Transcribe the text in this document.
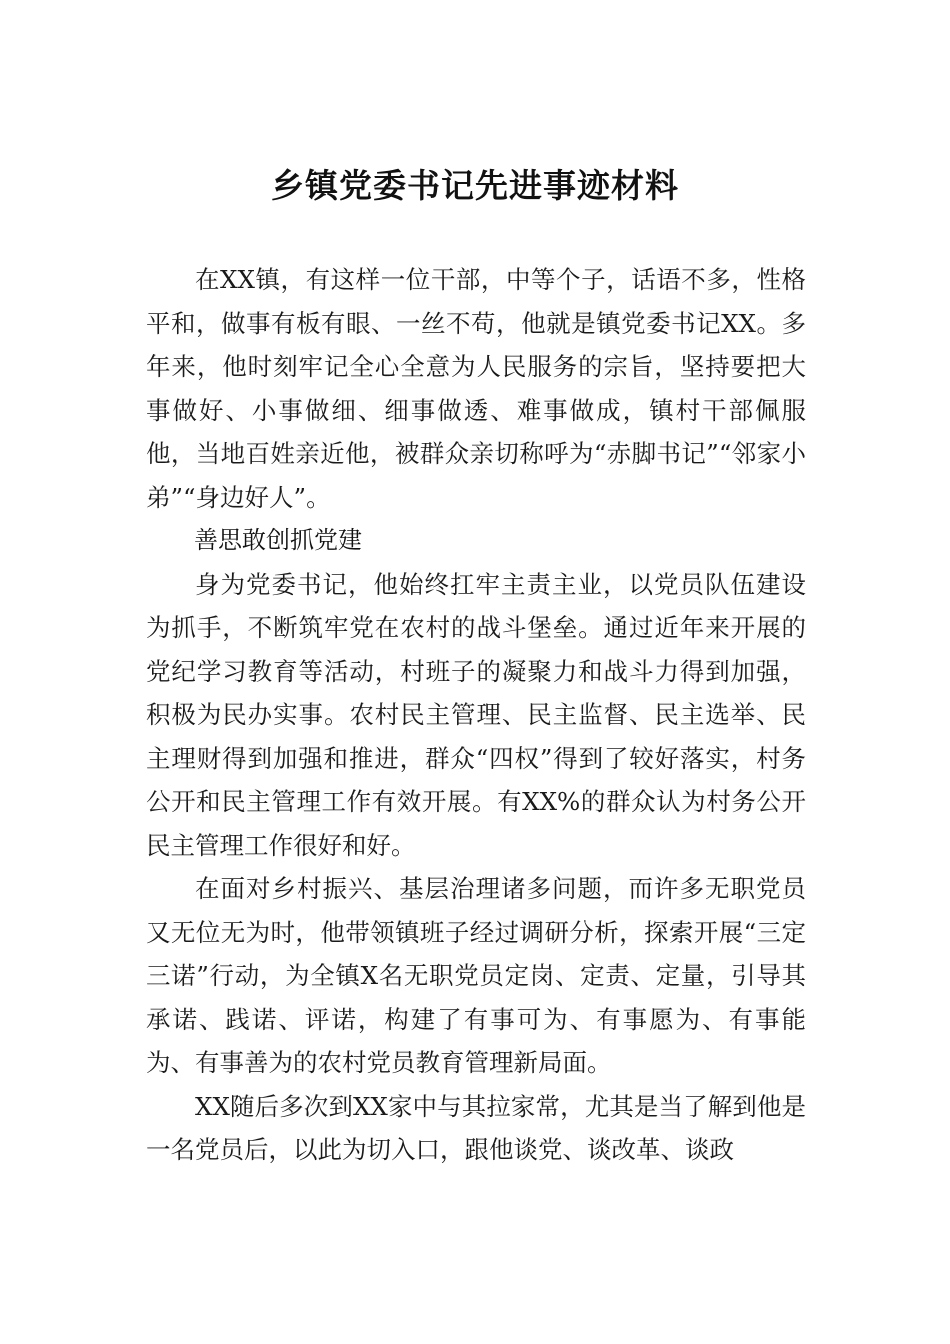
乡镇党委书记先进事迹材料

在XX镇，有这样一位干部，中等个子，话语不多，性格平和，做事有板有眼、一丝不苟，他就是镇党委书记XX。多年来，他时刻牢记全心全意为人民服务的宗旨，坚持要把大事做好、小事做细、细事做透、难事做成，镇村干部佩服他，当地百姓亲近他，被群众亲切称呼为“赤脚书记”“邻家小弟”“身边好人”。

善思敢创抓党建

身为党委书记，他始终扛牢主责主业，以党员队伍建设为抓手，不断筑牢党在农村的战斗堡垒。通过近年来开展的党纪学习教育等活动，村班子的凝聚力和战斗力得到加强，积极为民办实事。农村民主管理、民主监督、民主选举、民主理财得到加强和推进，群众“四权”得到了较好落实，村务公开和民主管理工作有效开展。有XX%的群众认为村务公开民主管理工作很好和好。

在面对乡村振兴、基层治理诸多问题，而许多无职党员又无位无为时，他带领镇班子经过调研分析，探索开展“三定三诺”行动，为全镇X名无职党员定岗、定责、定量，引导其承诺、践诺、评诺，构建了有事可为、有事愿为、有事能为、有事善为的农村党员教育管理新局面。

XX随后多次到XX家中与其拉家常，尤其是当了解到他是一名党员后，以此为切入口，跟他谈党、谈改革、谈政
